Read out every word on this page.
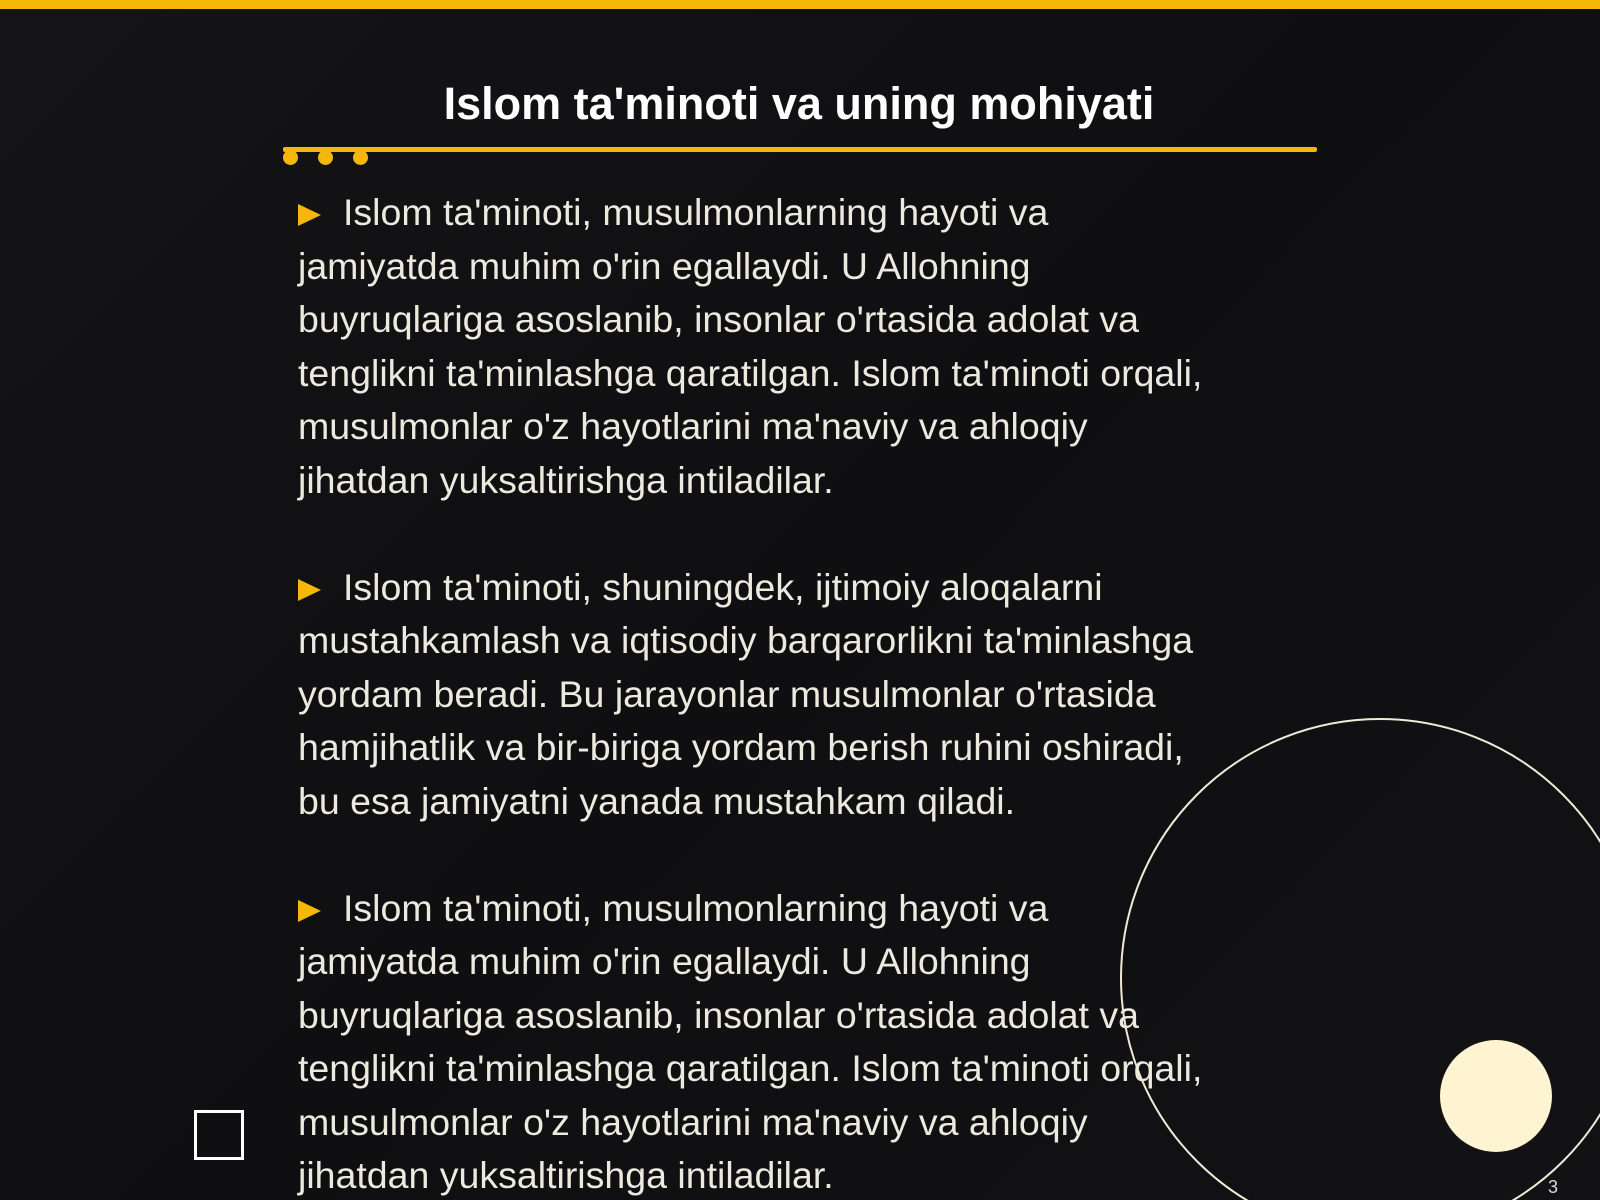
Islom ta'minoti va uning mohiyati
Islom ta'minoti, musulmonlarning hayoti va
jamiyatda muhim o'rin egallaydi. U Allohning
buyruqlariga asoslanib, insonlar o'rtasida adolat va
tenglikni ta'minlashga qaratilgan. Islom ta'minoti orqali,
musulmonlar o'z hayotlarini ma'naviy va ahloqiy
jihatdan yuksaltirishga intiladilar.
Islom ta'minoti, shuningdek, ijtimoiy aloqalarni
mustahkamlash va iqtisodiy barqarorlikni ta'minlashga
yordam beradi. Bu jarayonlar musulmonlar o'rtasida
hamjihatlik va bir-biriga yordam berish ruhini oshiradi,
bu esa jamiyatni yanada mustahkam qiladi.
Islom ta'minoti, musulmonlarning hayoti va
jamiyatda muhim o'rin egallaydi. U Allohning
buyruqlariga asoslanib, insonlar o'rtasida adolat va
tenglikni ta'minlashga qaratilgan. Islom ta'minoti orqali,
musulmonlar o'z hayotlarini ma'naviy va ahloqiy
jihatdan yuksaltirishga intiladilar.	3
